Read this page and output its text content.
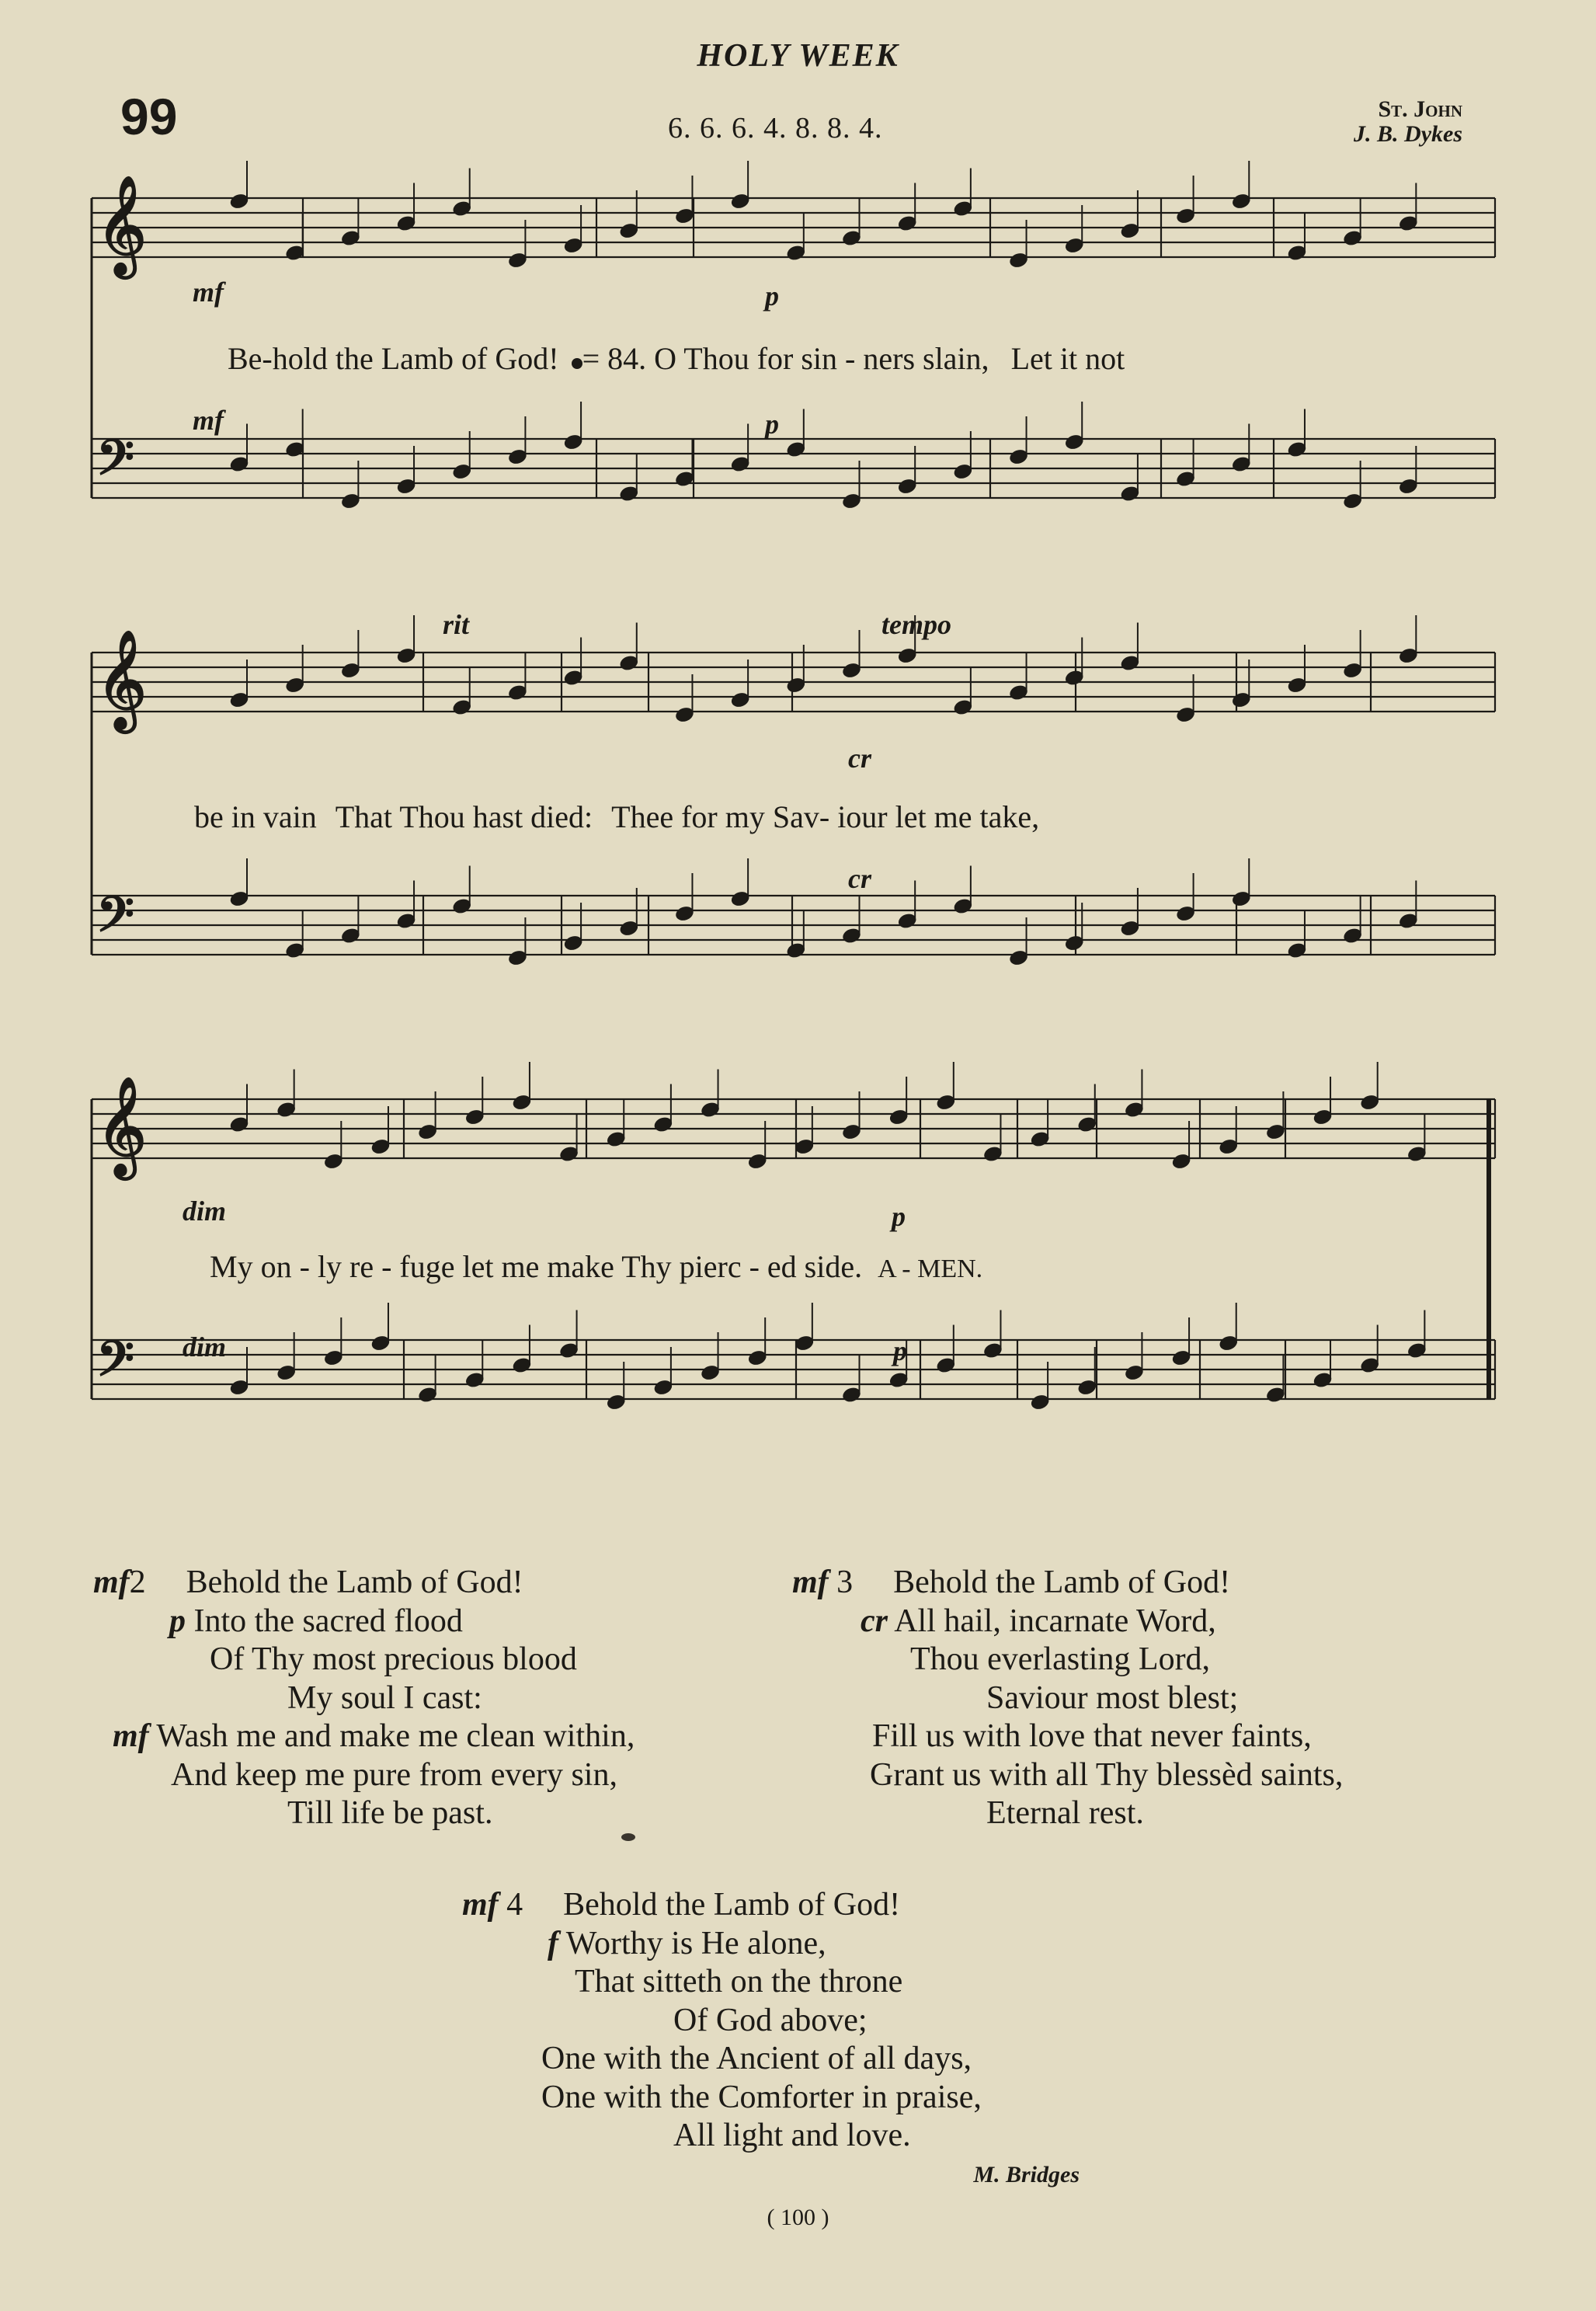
HOLY WEEK
99	6. 6. 6. 4. 8. 8. 4.
St. John
J. B. Dykes
𝄞
𝄢
𝄞
𝄢
𝄞
𝄢
Be-hold the Lamb of God! = 84. O Thou for sin - ners slain, Let it not
be in vain That Thou hast died: Thee for my Sav- iour let me take,
My on - ly re - fuge let me make Thy pierc - ed side. A - MEN.
mf	p
mf	p
rit	tempo
cr
cr
dim	p
dim	p
mf2 Behold the Lamb of God!
p Into the sacred flood
Of Thy most precious blood
My soul I cast:
mf Wash me and make me clean within,
And keep me pure from every sin,
Till life be past.
mf 3 Behold the Lamb of God!
cr All hail, incarnate Word,
Thou everlasting Lord,
Saviour most blest;
Fill us with love that never faints,
Grant us with all Thy blessèd saints,
Eternal rest.
mf 4 Behold the Lamb of God!
f Worthy is He alone,
That sitteth on the throne
Of God above;
One with the Ancient of all days,
One with the Comforter in praise,
All light and love.
M. Bridges
( 100 )
